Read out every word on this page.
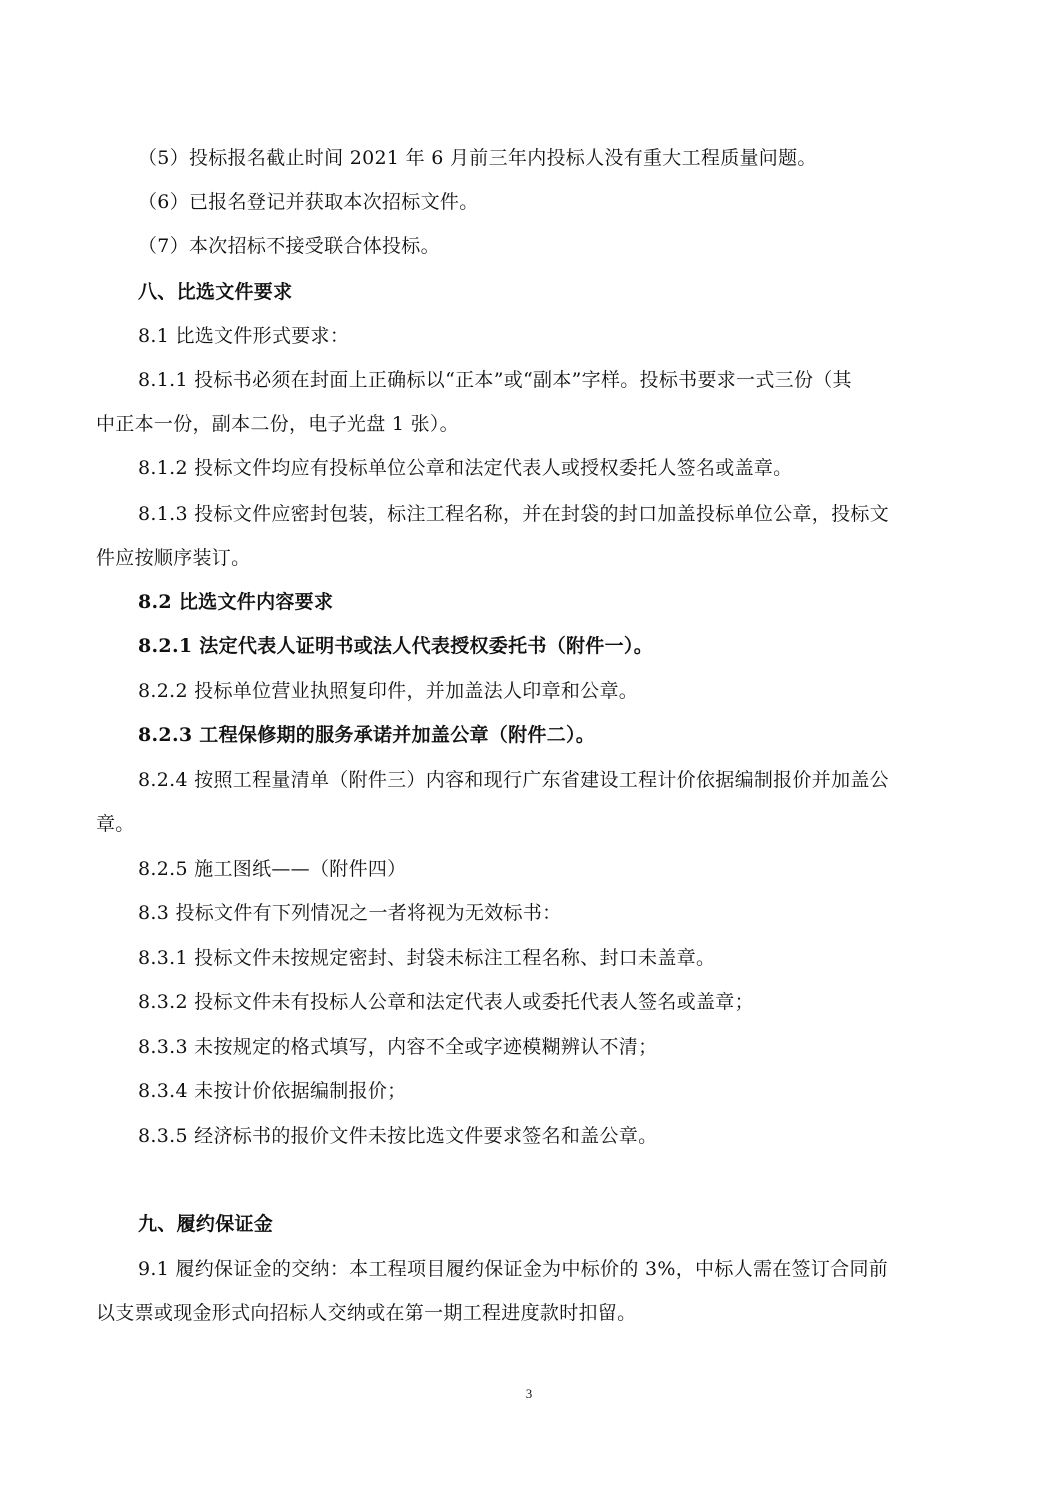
（5）投标报名截止时间 2021 年 6 月前三年内投标人没有重大工程质量问题。
（6）已报名登记并获取本次招标文件。
（7）本次招标不接受联合体投标。
八、比选文件要求
8.1 比选文件形式要求：
8.1.1 投标书必须在封面上正确标以“正本”或“副本”字样。投标书要求一式三份（其
中正本一份，副本二份，电子光盘 1 张）。
8.1.2 投标文件均应有投标单位公章和法定代表人或授权委托人签名或盖章。
8.1.3 投标文件应密封包装，标注工程名称，并在封袋的封口加盖投标单位公章，投标文
件应按顺序装订。
8.2 比选文件内容要求
8.2.1 法定代表人证明书或法人代表授权委托书（附件一）。
8.2.2 投标单位营业执照复印件，并加盖法人印章和公章。
8.2.3 工程保修期的服务承诺并加盖公章（附件二）。
8.2.4 按照工程量清单（附件三）内容和现行广东省建设工程计价依据编制报价并加盖公
章。
8.2.5 施工图纸——（附件四）
8.3 投标文件有下列情况之一者将视为无效标书：
8.3.1 投标文件未按规定密封、封袋未标注工程名称、封口未盖章。
8.3.2 投标文件未有投标人公章和法定代表人或委托代表人签名或盖章；
8.3.3 未按规定的格式填写，内容不全或字迹模糊辨认不清；
8.3.4 未按计价依据编制报价；
8.3.5 经济标书的报价文件未按比选文件要求签名和盖公章。
九、履约保证金
9.1 履约保证金的交纳：本工程项目履约保证金为中标价的 3%，中标人需在签订合同前
以支票或现金形式向招标人交纳或在第一期工程进度款时扣留。
3
